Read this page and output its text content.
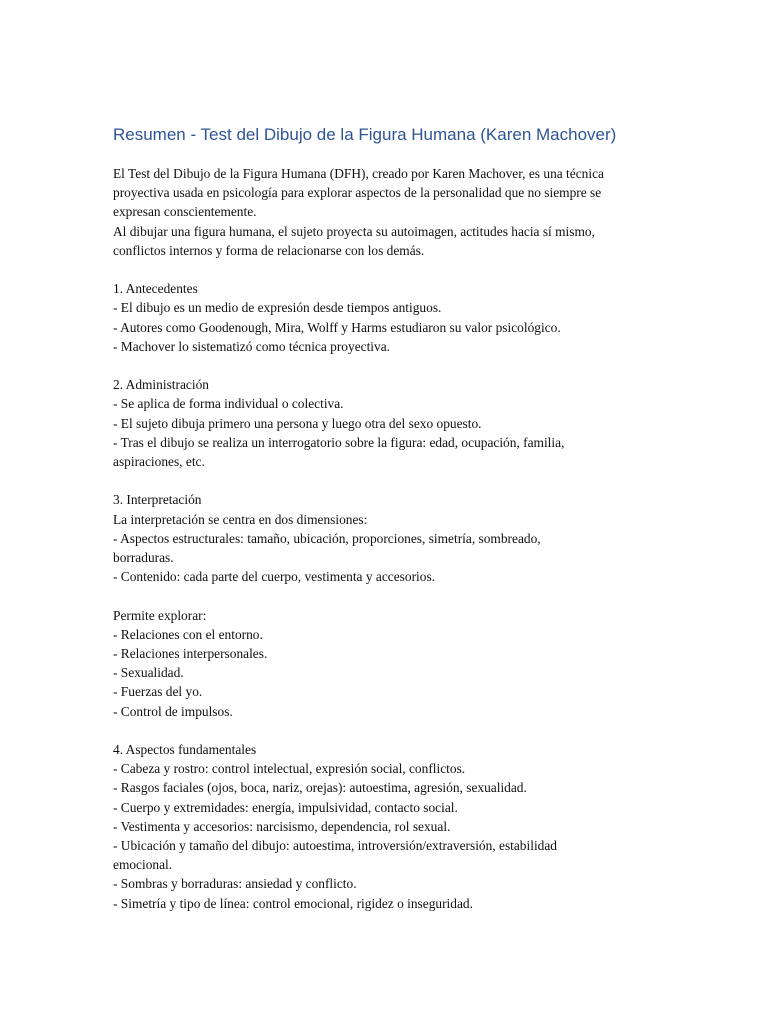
Resumen - Test del Dibujo de la Figura Humana (Karen Machover)
El Test del Dibujo de la Figura Humana (DFH), creado por Karen Machover, es una técnica
proyectiva usada en psicología para explorar aspectos de la personalidad que no siempre se
expresan conscientemente.
Al dibujar una figura humana, el sujeto proyecta su autoimagen, actitudes hacia sí mismo,
conflictos internos y forma de relacionarse con los demás.
1. Antecedentes
- El dibujo es un medio de expresión desde tiempos antiguos.
- Autores como Goodenough, Mira, Wolff y Harms estudiaron su valor psicológico.
- Machover lo sistematizó como técnica proyectiva.
2. Administración
- Se aplica de forma individual o colectiva.
- El sujeto dibuja primero una persona y luego otra del sexo opuesto.
- Tras el dibujo se realiza un interrogatorio sobre la figura: edad, ocupación, familia,
aspiraciones, etc.
3. Interpretación
La interpretación se centra en dos dimensiones:
- Aspectos estructurales: tamaño, ubicación, proporciones, simetría, sombreado,
borraduras.
- Contenido: cada parte del cuerpo, vestimenta y accesorios.
Permite explorar:
- Relaciones con el entorno.
- Relaciones interpersonales.
- Sexualidad.
- Fuerzas del yo.
- Control de impulsos.
4. Aspectos fundamentales
- Cabeza y rostro: control intelectual, expresión social, conflictos.
- Rasgos faciales (ojos, boca, nariz, orejas): autoestima, agresión, sexualidad.
- Cuerpo y extremidades: energía, impulsividad, contacto social.
- Vestimenta y accesorios: narcisismo, dependencia, rol sexual.
- Ubicación y tamaño del dibujo: autoestima, introversión/extraversión, estabilidad
emocional.
- Sombras y borraduras: ansiedad y conflicto.
- Simetría y tipo de línea: control emocional, rigidez o inseguridad.
